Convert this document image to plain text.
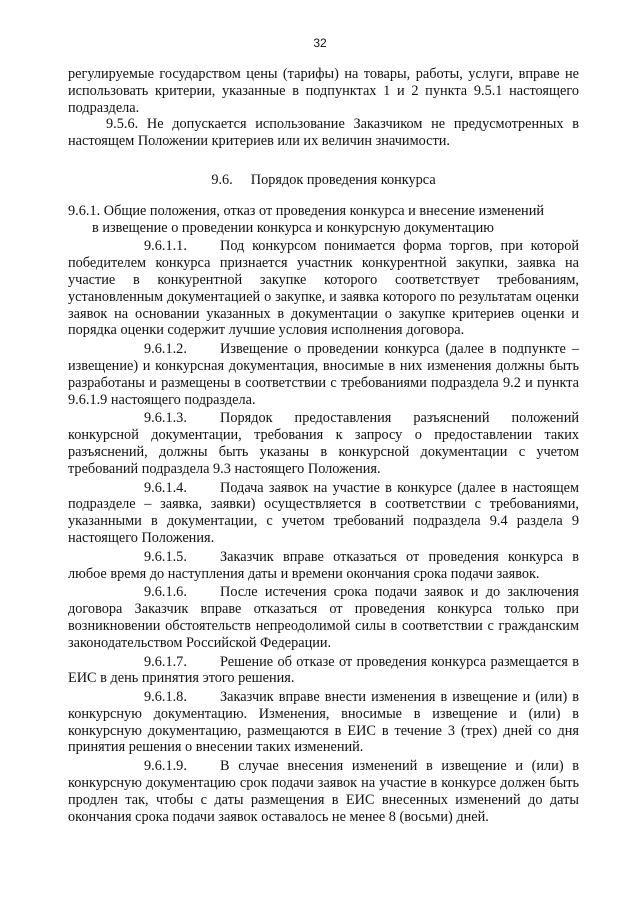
32

регулируемые государством цены (тарифы) на товары, работы, услуги, вправе не использовать критерии, указанные в подпунктах 1 и 2 пункта 9.5.1 настоящего подраздела.

9.5.6. Не допускается использование Заказчиком не предусмотренных в настоящем Положении критериев или их величин значимости.

9.6. Порядок проведения конкурса

9.6.1. Общие положения, отказ от проведения конкурса и внесение изменений
в извещение о проведении конкурса и конкурсную документацию

9.6.1.1. Под конкурсом понимается форма торгов, при которой победителем конкурса признается участник конкурентной закупки, заявка на участие в конкурентной закупке которого соответствует требованиям, установленным документацией о закупке, и заявка которого по результатам оценки заявок на основании указанных в документации о закупке критериев оценки и порядка оценки содержит лучшие условия исполнения договора.

9.6.1.2. Извещение о проведении конкурса (далее в подпункте – извещение) и конкурсная документация, вносимые в них изменения должны быть разработаны и размещены в соответствии с требованиями подраздела 9.2 и пункта 9.6.1.9 настоящего подраздела.

9.6.1.3. Порядок предоставления разъяснений положений конкурсной документации, требования к запросу о предоставлении таких разъяснений, должны быть указаны в конкурсной документации с учетом требований подраздела 9.3 настоящего Положения.

9.6.1.4. Подача заявок на участие в конкурсе (далее в настоящем подразделе – заявка, заявки) осуществляется в соответствии с требованиями, указанными в документации, с учетом требований подраздела 9.4 раздела 9 настоящего Положения.

9.6.1.5. Заказчик вправе отказаться от проведения конкурса в любое время до наступления даты и времени окончания срока подачи заявок.

9.6.1.6. После истечения срока подачи заявок и до заключения договора Заказчик вправе отказаться от проведения конкурса только при возникновении обстоятельств непреодолимой силы в соответствии с гражданским законодательством Российской Федерации.

9.6.1.7. Решение об отказе от проведения конкурса размещается в ЕИС в день принятия этого решения.

9.6.1.8. Заказчик вправе внести изменения в извещение и (или) в конкурсную документацию. Изменения, вносимые в извещение и (или) в конкурсную документацию, размещаются в ЕИС в течение 3 (трех) дней со дня принятия решения о внесении таких изменений.

9.6.1.9. В случае внесения изменений в извещение и (или) в конкурсную документацию срок подачи заявок на участие в конкурсе должен быть продлен так, чтобы с даты размещения в ЕИС внесенных изменений до даты окончания срока подачи заявок оставалось не менее 8 (восьми) дней.
